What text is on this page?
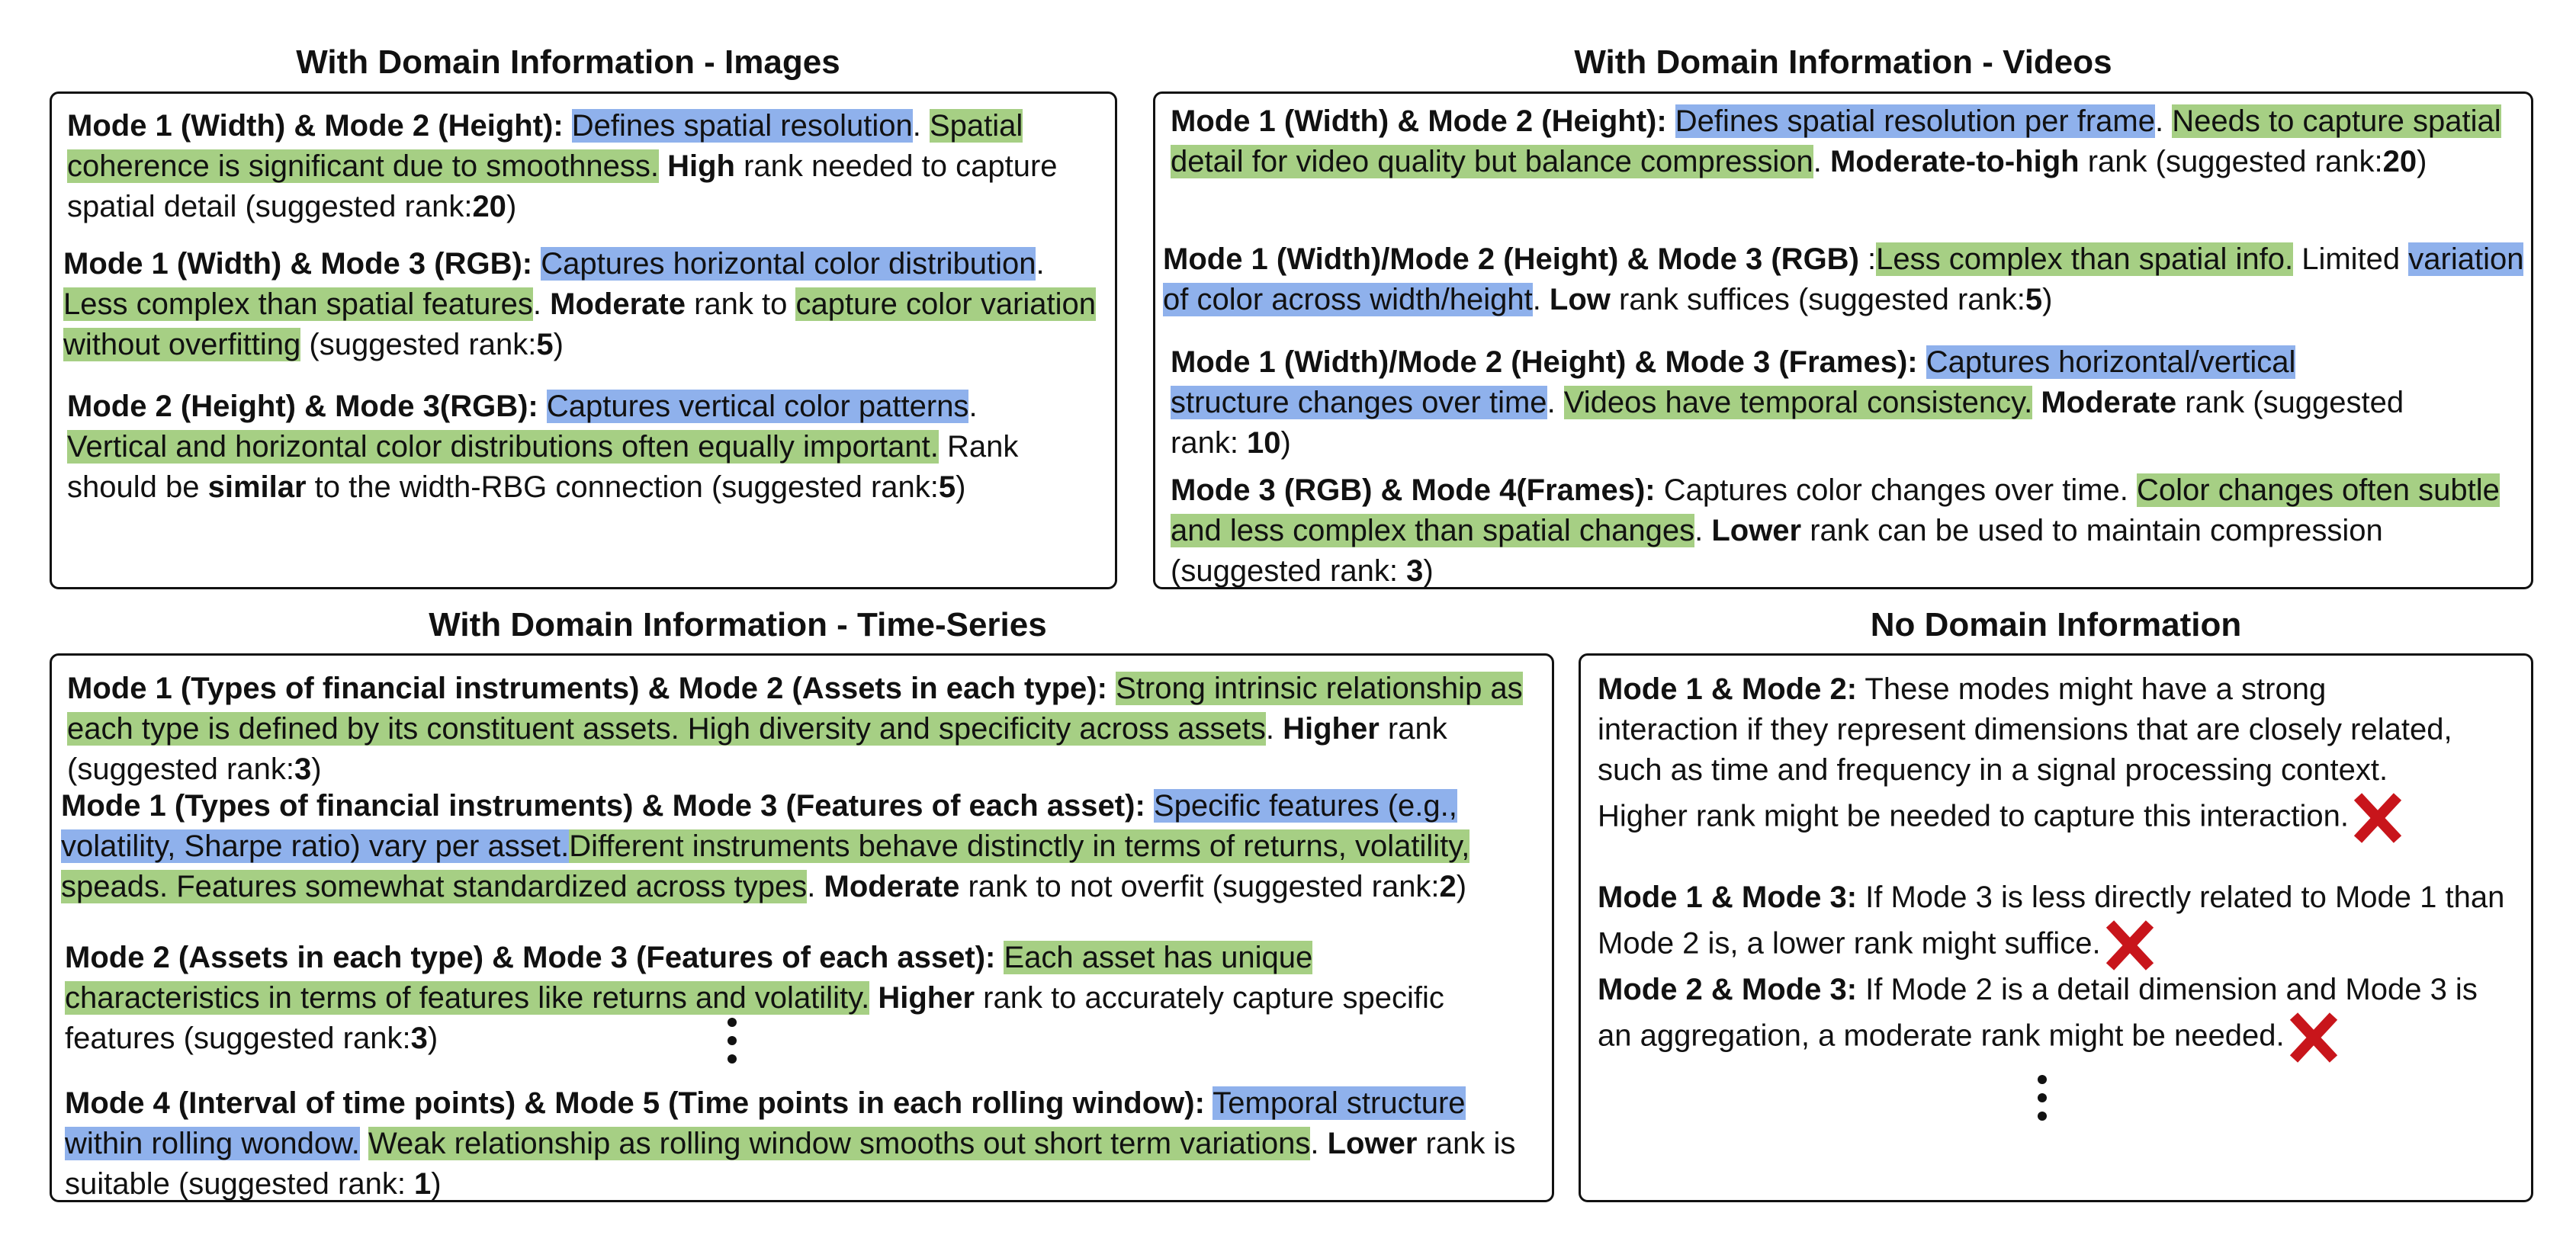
With Domain Information - Images	With Domain Information - Videos
With Domain Information - Time-Series	No Domain Information
Mode 1 (Width) & Mode 2 (Height): Defines spatial resolution. Spatial coherence is significant due to smoothness. High rank needed to capture spatial detail (suggested rank:20)
Mode 1 (Width) & Mode 3 (RGB): Captures horizontal color distribution. Less complex than spatial features. Moderate rank to capture color variation without overfitting (suggested rank:5)
Mode 2 (Height) & Mode 3(RGB): Captures vertical color patterns. Vertical and horizontal color distributions often equally important. Rank should be similar to the width-RBG connection (suggested rank:5)
Mode 1 (Width) & Mode 2 (Height): Defines spatial resolution per frame. Needs to capture spatial detail for video quality but balance compression. Moderate-to-high rank (suggested rank:20)
Mode 1 (Width)/Mode 2 (Height) & Mode 3 (RGB) :Less complex than spatial info. Limited variation of color across width/height. Low rank suffices (suggested rank:5)
Mode 1 (Width)/Mode 2 (Height) & Mode 3 (Frames): Captures horizontal/vertical structure changes over time. Videos have temporal consistency. Moderate rank (suggested rank: 10)
Mode 3 (RGB) & Mode 4(Frames): Captures color changes over time. Color changes often subtle and less complex than spatial changes. Lower rank can be used to maintain compression (suggested rank: 3)
Mode 1 (Types of financial instruments) & Mode 2 (Assets in each type): Strong intrinsic relationship as each type is defined by its constituent assets. High diversity and specificity across assets. Higher rank (suggested rank:3)
Mode 1 (Types of financial instruments) & Mode 3 (Features of each asset): Specific features (e.g., volatility, Sharpe ratio) vary per asset.Different instruments behave distinctly in terms of returns, volatility, speads. Features somewhat standardized across types. Moderate rank to not overfit (suggested rank:2)
Mode 2 (Assets in each type) & Mode 3 (Features of each asset): Each asset has unique characteristics in terms of features like returns and volatility. Higher rank to accurately capture specific features (suggested rank:3)
Mode 4 (Interval of time points) & Mode 5 (Time points in each rolling window): Temporal structure within rolling wondow. Weak relationship as rolling window smooths out short term variations. Lower rank is suitable (suggested rank: 1)
Mode 1 & Mode 2: These modes might have a strong interaction if they represent dimensions that are closely related, such as time and frequency in a signal processing context. Higher rank might be needed to capture this interaction.
Mode 1 & Mode 3: If Mode 3 is less directly related to Mode 1 than Mode 2 is, a lower rank might suffice.
Mode 2 & Mode 3: If Mode 2 is a detail dimension and Mode 3 is an aggregation, a moderate rank might be needed.
